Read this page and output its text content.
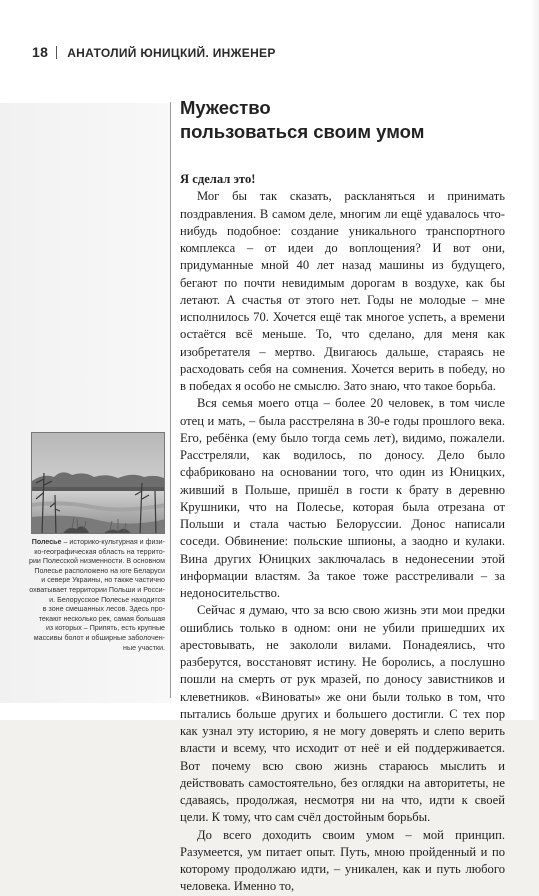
18 АНАТОЛИЙ ЮНИЦКИЙ. ИНЖЕНЕР
Мужество
пользоваться своим умом

Я сделал это!

Мог бы так сказать, раскланяться и принимать поздравления. В самом деле, многим ли ещё удавалось что-нибудь подобное: создание уникального транспортного комплекса – от идеи до воплощения? И вот они, придуманные мной 40 лет назад машины из будущего, бегают по почти невидимым дорогам в воздухе, как бы летают. А счастья от этого нет. Годы не молодые – мне исполнилось 70. Хочется ещё так многое успеть, а времени остаётся всё меньше. То, что сделано, для меня как изобретателя – мертво. Двигаюсь дальше, стараясь не расходовать себя на сомнения. Хочется верить в победу, но в победах я особо не смыслю. Зато знаю, что такое борьба.

Вся семья моего отца – более 20 человек, в том числе отец и мать, – была расстреляна в 30-е годы прошлого века. Его, ребёнка (ему было тогда семь лет), видимо, пожалели. Расстреляли, как водилось, по доносу. Дело было сфабриковано на основании того, что один из Юницких, живший в Польше, пришёл в гости к брату в деревню Крушники, что на Полесье, которая была отрезана от Польши и стала частью Белоруссии. Донос написали соседи. Обвинение: польские шпионы, а заодно и кулаки. Вина других Юницких заключалась в недонесении этой информации властям. За такое тоже расстреливали – за недоносительство.

Сейчас я думаю, что за всю свою жизнь эти мои предки ошиблись только в одном: они не убили пришедших их арестовывать, не закололи вилами. Понадеялись, что разберутся, восстановят истину. Не боролись, а послушно пошли на смерть от рук мразей, по доносу завистников и клеветников. «Виноваты» же они были только в том, что пытались больше других и большего достигли. С тех пор как узнал эту историю, я не могу доверять и слепо верить власти и всему, что исходит от неё и ей поддерживается. Вот почему всю свою жизнь стараюсь мыслить и действовать самостоятельно, без оглядки на авторитеты, не сдаваясь, продолжая, несмотря ни на что, идти к своей цели. К тому, что сам счёл достойным борьбы.

До всего доходить своим умом – мой принцип. Разумеется, ум питает опыт. Путь, мною пройденный и по которому продолжаю идти, – уникален, как и путь любого человека. Именно то,

Полесье – историко-культурная и физи-
ко-географическая область на террито-
рии Полесской низменности. В основном
Полесье расположено на юге Беларуси
и севере Украины, но также частично
охватывает территории Польши и Росси-
и. Белорусское Полесье находится
в зоне смешанных лесов. Здесь про-
текают несколько рек, самая большая
из которых – Припять, есть крупные
массивы болот и обширные заболочен-
ные участки.
